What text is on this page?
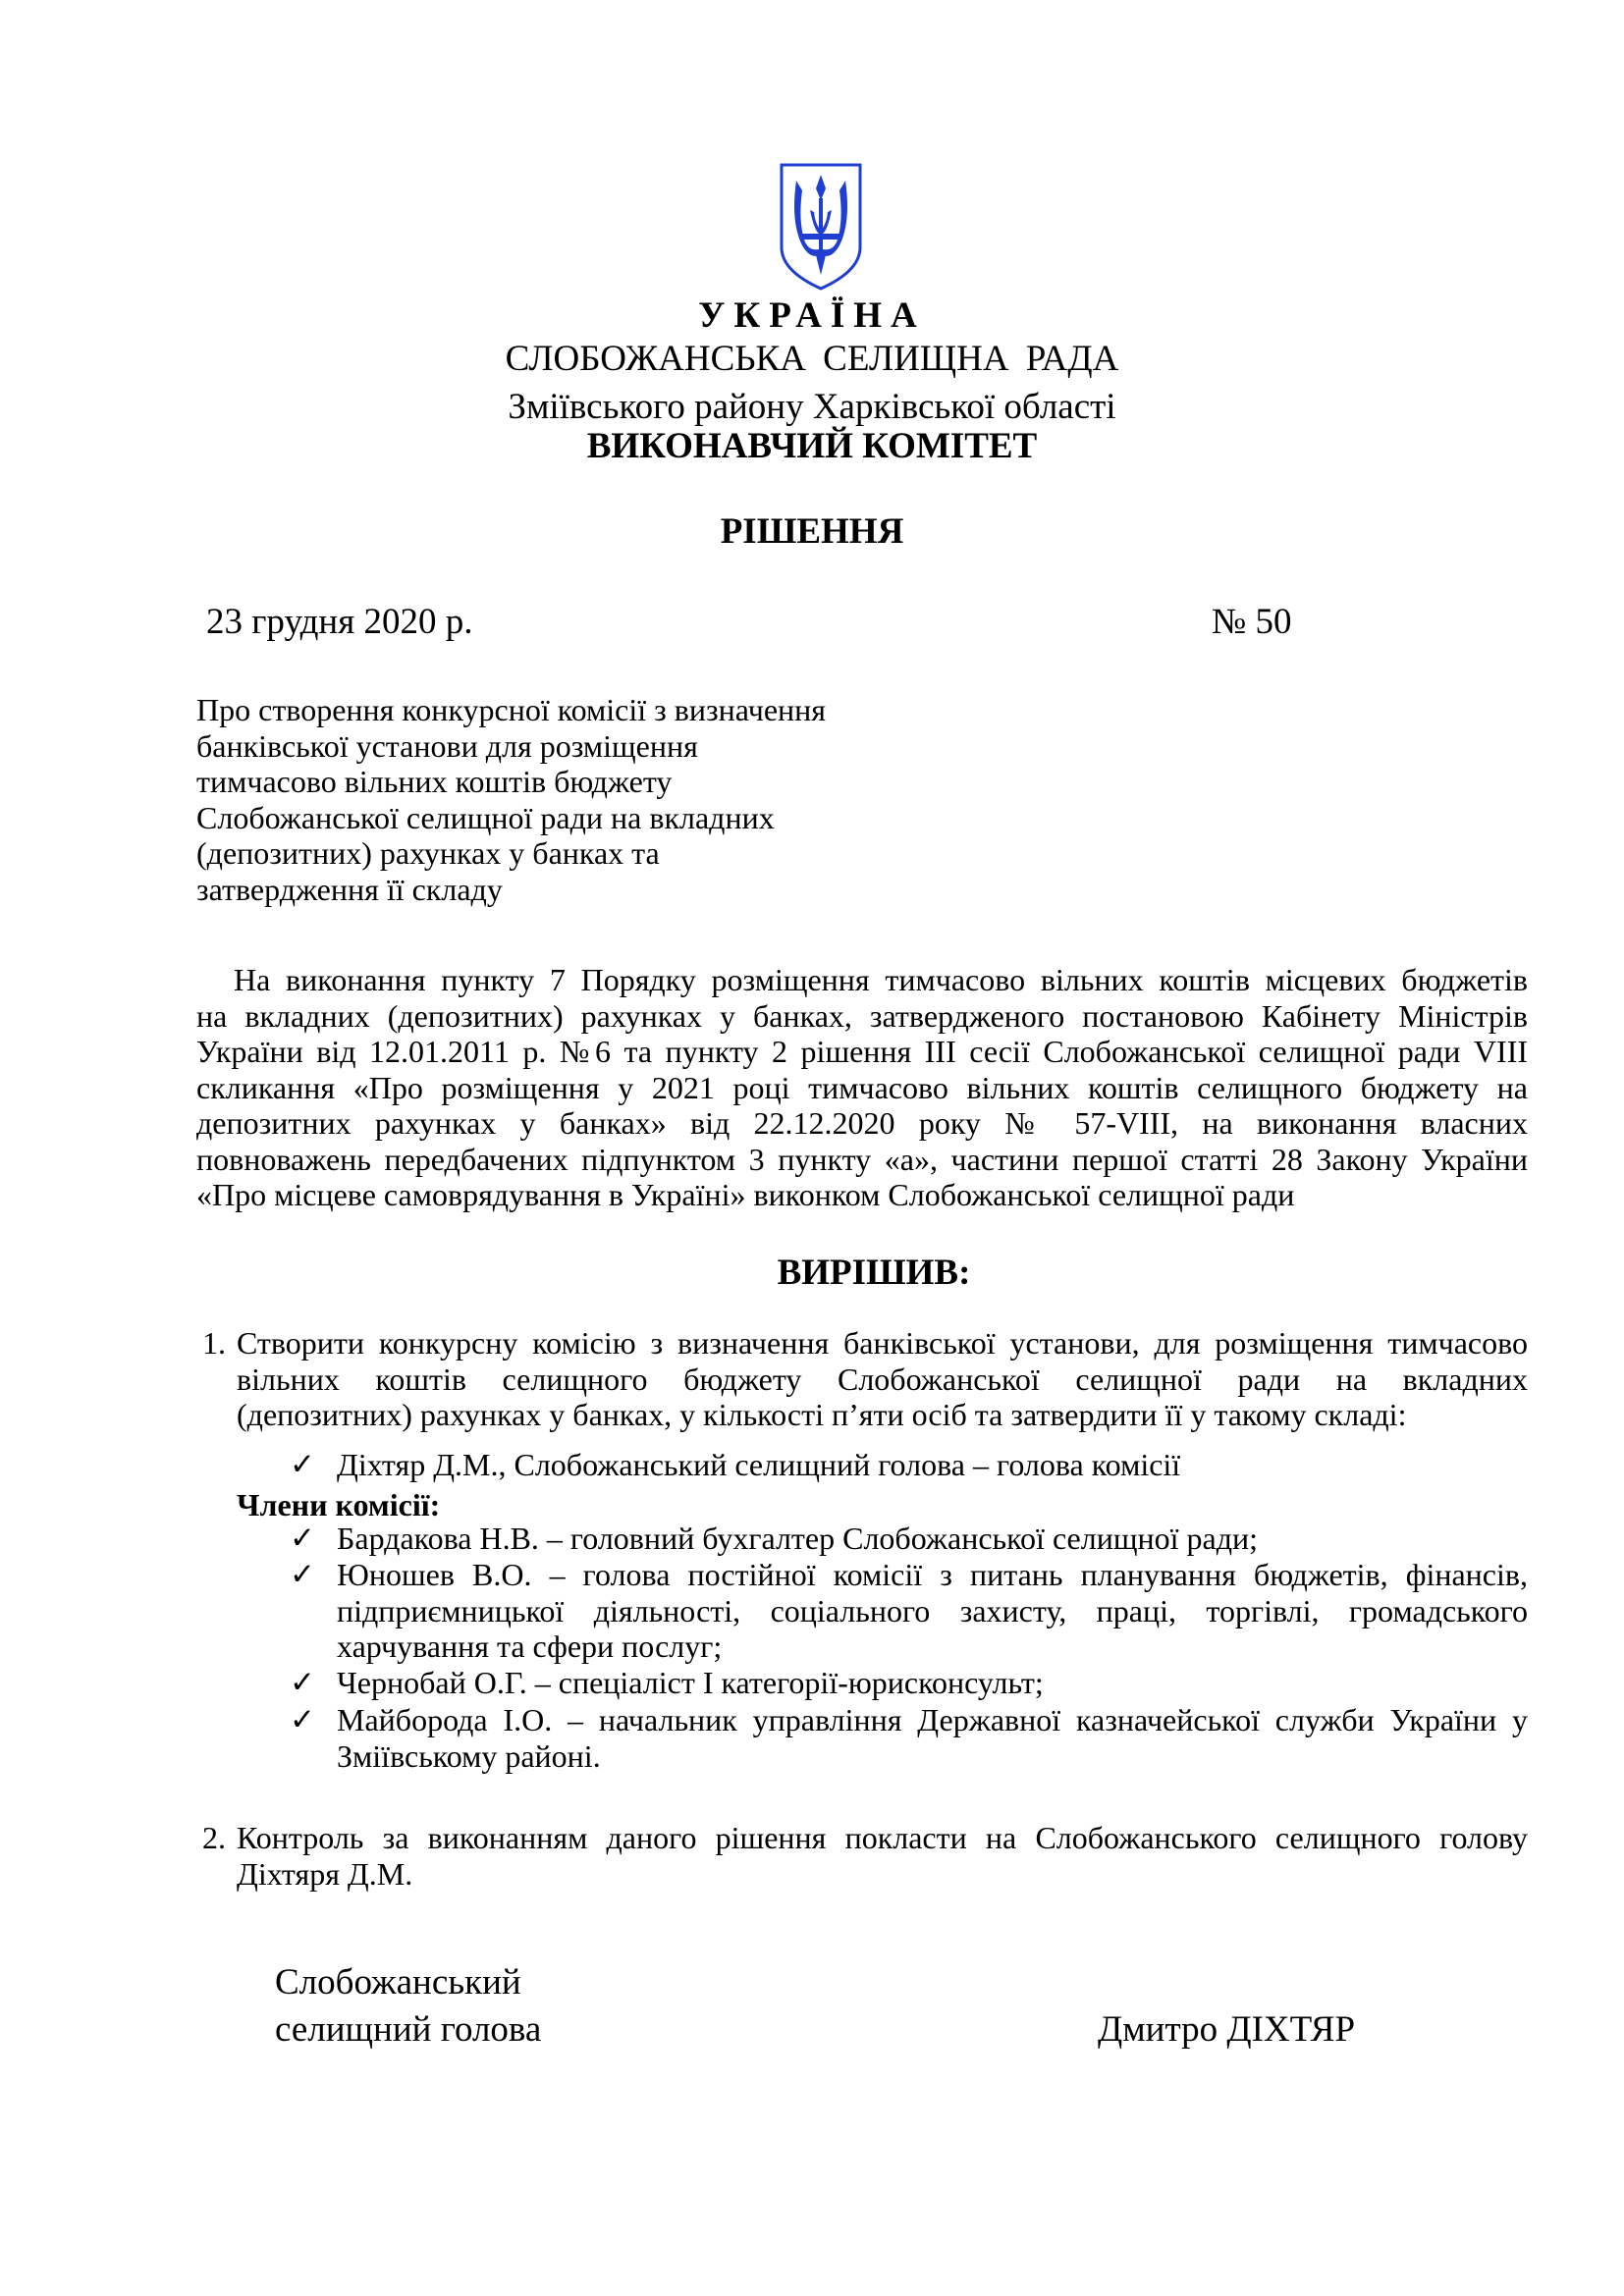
УКРАЇНА
СЛОБОЖАНСЬКА СЕЛИЩНА РАДА
Зміївського району Харківської області
ВИКОНАВЧИЙ КОМІТЕТ
РІШЕННЯ
23 грудня 2020 р.	№ 50
Про створення конкурсної комісії з визначення
банківської установи для розміщення
тимчасово вільних коштів бюджету
Слобожанської селищної ради на вкладних
(депозитних) рахунках у банках та
затвердження її складу
На виконання пункту 7 Порядку розміщення тимчасово вільних коштів місцевих бюджетів
на вкладних (депозитних) рахунках у банках, затвердженого постановою Кабінету Міністрів
України від 12.01.2011 р. №6 та пункту 2 рішення ІІІ сесії Слобожанської селищної ради VIII
скликання «Про розміщення у 2021 році тимчасово вільних коштів селищного бюджету на
депозитних рахунках у банках» від 22.12.2020 року № 57-VIII, на виконання власних
повноважень передбачених підпунктом 3 пункту «а», частини першої статті 28 Закону України
«Про місцеве самоврядування в Україні» виконком Слобожанської селищної ради
ВИРІШИВ:
1. Створити конкурсну комісію з визначення банківської установи, для розміщення тимчасово
вільних коштів селищного бюджету Слобожанської селищної ради на вкладних
(депозитних) рахунках у банках, у кількості п’яти осіб та затвердити її у такому складі:
✓ Діхтяр Д.М., Слобожанський селищний голова – голова комісії
Члени комісії:
✓ Бардакова Н.В. – головний бухгалтер Слобожанської селищної ради;
✓ Юношев В.О. – голова постійної комісії з питань планування бюджетів, фінансів,
підприємницької діяльності, соціального захисту, праці, торгівлі, громадського
харчування та сфери послуг;
✓ Чернобай О.Г. – спеціаліст І категорії-юрисконсульт;
✓ Майборода І.О. – начальник управління Державної казначейської служби України у
Зміївському районі.
2. Контроль за виконанням даного рішення покласти на Слобожанського селищного голову
Діхтяря Д.М.
Слобожанський
селищний голова	Дмитро ДІХТЯР
